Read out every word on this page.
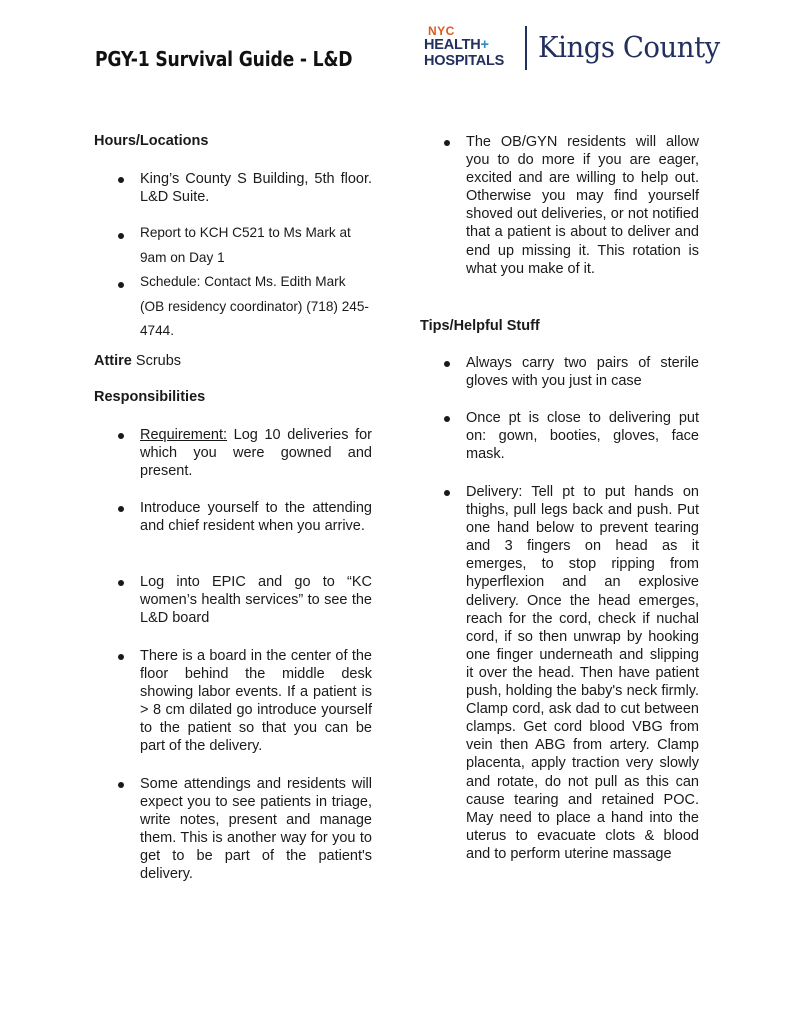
PGY-1 Survival Guide - L&D
NYC
HEALTH+
HOSPITALS Kings County
Hours/Locations
King’s County S Building, 5th floor. L&D Suite.
Report to KCH C521 to Ms Mark at 9am on Day 1
Schedule: Contact Ms. Edith Mark (OB residency coordinator) (718) 245-4744.
Attire Scrubs
Responsibilities
Requirement: Log 10 deliveries for which you were gowned and present.
Introduce yourself to the attending and chief resident when you arrive.
Log into EPIC and go to “KC women’s health services” to see the L&D board
There is a board in the center of the floor behind the middle desk showing labor events. If a patient is > 8 cm dilated go introduce yourself to the patient so that you can be part of the delivery.
Some attendings and residents will expect you to see patients in triage, write notes, present and manage them. This is another way for you to get to be part of the patient's delivery.
The OB/GYN residents will allow you to do more if you are eager, excited and are willing to help out. Otherwise you may find yourself shoved out deliveries, or not notified that a patient is about to deliver and end up missing it. This rotation is what you make of it.
Tips/Helpful Stuff
Always carry two pairs of sterile gloves with you just in case
Once pt is close to delivering put on: gown, booties, gloves, face mask.
Delivery: Tell pt to put hands on thighs, pull legs back and push. Put one hand below to prevent tearing and 3 fingers on head as it emerges, to stop ripping from hyperflexion and an explosive delivery. Once the head emerges, reach for the cord, check if nuchal cord, if so then unwrap by hooking one finger underneath and slipping it over the head. Then have patient push, holding the baby's neck firmly. Clamp cord, ask dad to cut between clamps. Get cord blood VBG from vein then ABG from artery. Clamp placenta, apply traction very slowly and rotate, do not pull as this can cause tearing and retained POC. May need to place a hand into the uterus to evacuate clots & blood and to perform uterine massage
